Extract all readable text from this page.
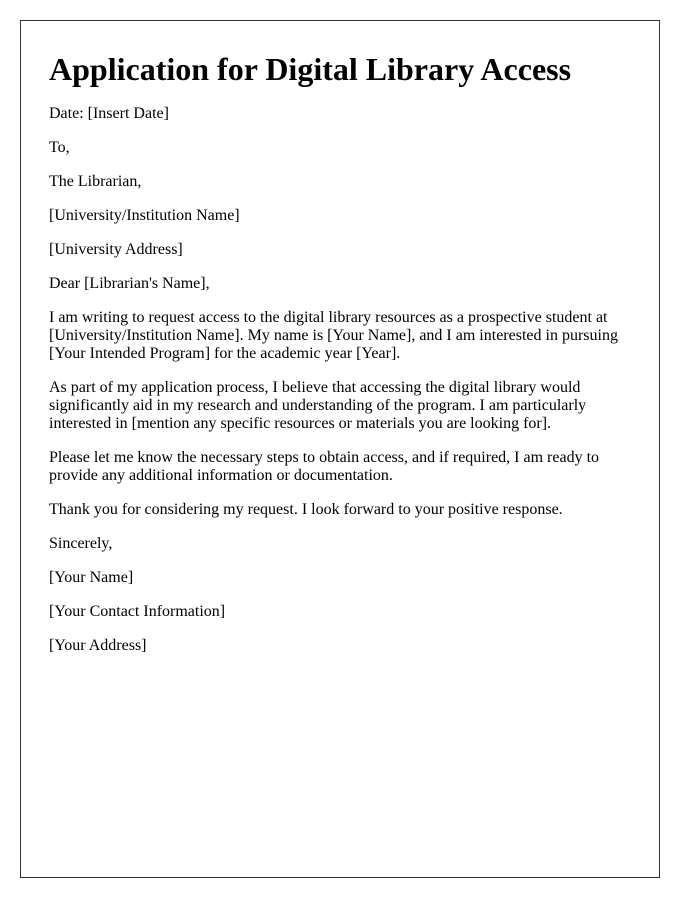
Application for Digital Library Access

Date: [Insert Date]

To,

The Librarian,

[University/Institution Name]

[University Address]

Dear [Librarian's Name],

I am writing to request access to the digital library resources as a prospective student at [University/Institution Name]. My name is [Your Name], and I am interested in pursuing [Your Intended Program] for the academic year [Year].

As part of my application process, I believe that accessing the digital library would significantly aid in my research and understanding of the program. I am particularly interested in [mention any specific resources or materials you are looking for].

Please let me know the necessary steps to obtain access, and if required, I am ready to provide any additional information or documentation.

Thank you for considering my request. I look forward to your positive response.

Sincerely,

[Your Name]

[Your Contact Information]

[Your Address]
